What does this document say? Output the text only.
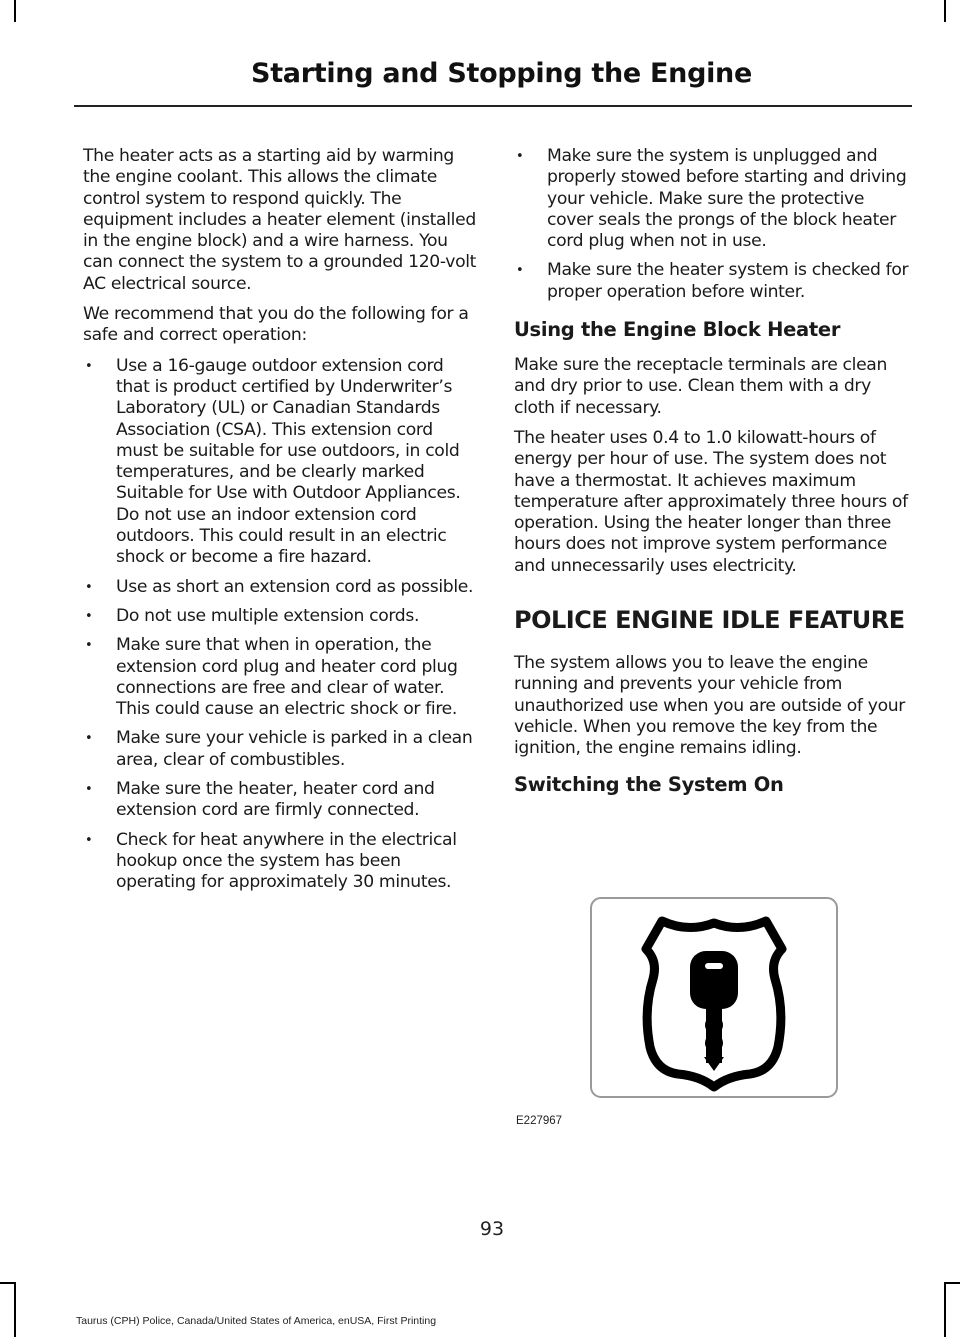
Starting and Stopping the Engine

The heater acts as a starting aid by warming the engine coolant. This allows the climate control system to respond quickly. The equipment includes a heater element (installed in the engine block) and a wire harness. You can connect the system to a grounded 120-volt AC electrical source.

We recommend that you do the following for a safe and correct operation:

• Use a 16-gauge outdoor extension cord that is product certified by Underwriter’s Laboratory (UL) or Canadian Standards Association (CSA). This extension cord must be suitable for use outdoors, in cold temperatures, and be clearly marked Suitable for Use with Outdoor Appliances. Do not use an indoor extension cord outdoors. This could result in an electric shock or become a fire hazard.
• Use as short an extension cord as possible.
• Do not use multiple extension cords.
• Make sure that when in operation, the extension cord plug and heater cord plug connections are free and clear of water. This could cause an electric shock or fire.
• Make sure your vehicle is parked in a clean area, clear of combustibles.
• Make sure the heater, heater cord and extension cord are firmly connected.
• Check for heat anywhere in the electrical hookup once the system has been operating for approximately 30 minutes.
• Make sure the system is unplugged and properly stowed before starting and driving your vehicle. Make sure the protective cover seals the prongs of the block heater cord plug when not in use.
• Make sure the heater system is checked for proper operation before winter.
Using the Engine Block Heater

Make sure the receptacle terminals are clean and dry prior to use. Clean them with a dry cloth if necessary.

The heater uses 0.4 to 1.0 kilowatt-hours of energy per hour of use. The system does not have a thermostat. It achieves maximum temperature after approximately three hours of operation. Using the heater longer than three hours does not improve system performance and unnecessarily uses electricity.

POLICE ENGINE IDLE FEATURE

The system allows you to leave the engine running and prevents your vehicle from unauthorized use when you are outside of your vehicle. When you remove the key from the ignition, the engine remains idling.

Switching the System On
E227967
93
Taurus (CPH) Police, Canada/United States of America, enUSA, First Printing
